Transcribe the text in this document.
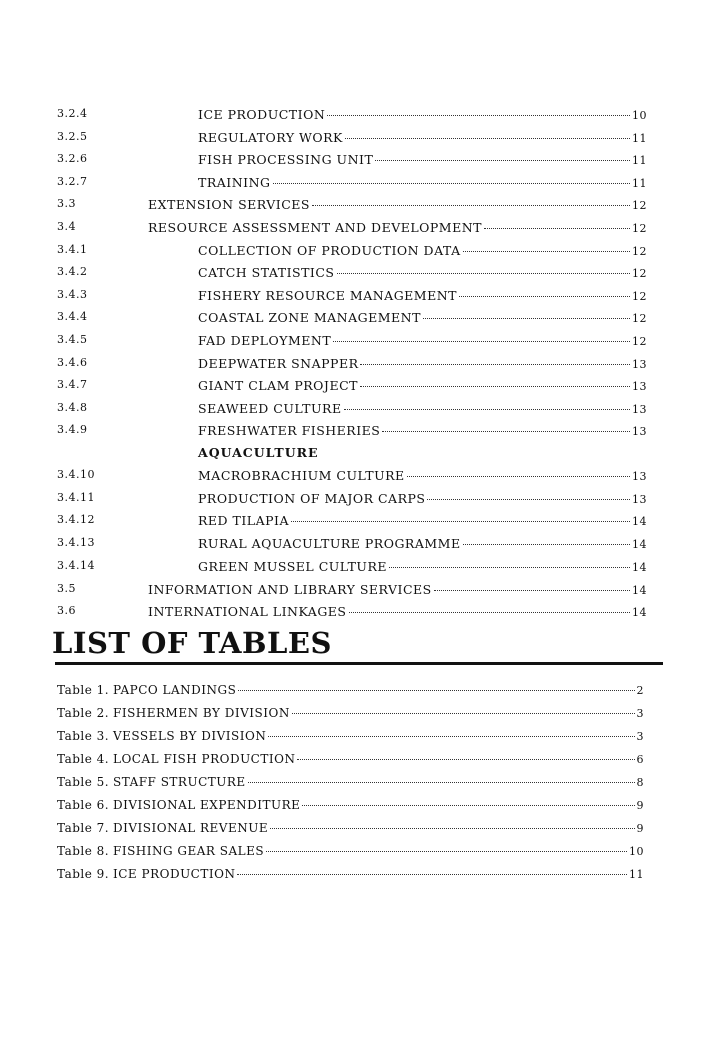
3.2.4	ICE PRODUCTION	10
3.2.5	REGULATORY WORK	11
3.2.6	FISH PROCESSING UNIT	11
3.2.7	TRAINING	11
3.3	EXTENSION SERVICES	12
3.4	RESOURCE ASSESSMENT AND DEVELOPMENT	12
3.4.1	COLLECTION OF PRODUCTION DATA	12
3.4.2	CATCH STATISTICS	12
3.4.3	FISHERY RESOURCE MANAGEMENT	12
3.4.4	COASTAL ZONE MANAGEMENT	12
3.4.5	FAD DEPLOYMENT	12
3.4.6	DEEPWATER SNAPPER	13
3.4.7	GIANT CLAM PROJECT	13
3.4.8	SEAWEED CULTURE	13
3.4.9	FRESHWATER FISHERIES	13
AQUACULTURE
3.4.10	MACROBRACHIUM CULTURE	13
3.4.11	PRODUCTION OF MAJOR CARPS	13
3.4.12	RED TILAPIA	14
3.4.13	RURAL AQUACULTURE PROGRAMME	14
3.4.14	GREEN MUSSEL CULTURE	14
3.5	INFORMATION AND LIBRARY SERVICES	14
3.6	INTERNATIONAL LINKAGES	14
LIST OF TABLES
Table 1. PAPCO LANDINGS	2
Table 2. FISHERMEN BY DIVISION	3
Table 3. VESSELS BY DIVISION	3
Table 4. LOCAL FISH PRODUCTION	6
Table 5. STAFF STRUCTURE	8
Table 6. DIVISIONAL EXPENDITURE	9
Table 7. DIVISIONAL REVENUE	9
Table 8. FISHING GEAR SALES	10
Table 9. ICE PRODUCTION	11
